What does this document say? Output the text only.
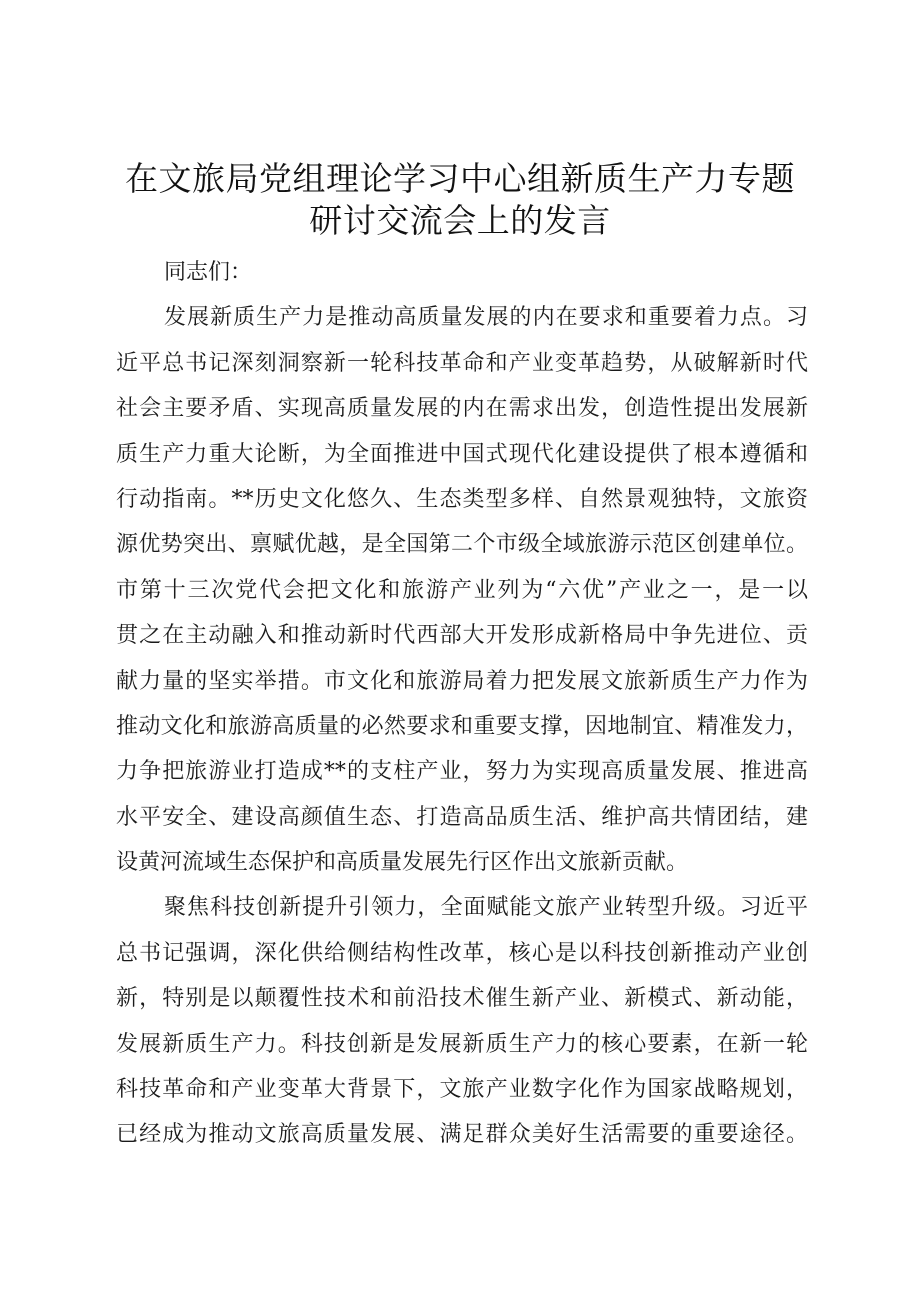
在文旅局党组理论学习中心组新质生产力专题
研讨交流会上的发言
同志们：
发展新质生产力是推动高质量发展的内在要求和重要着力点。习
近平总书记深刻洞察新一轮科技革命和产业变革趋势，从破解新时代
社会主要矛盾、实现高质量发展的内在需求出发，创造性提出发展新
质生产力重大论断，为全面推进中国式现代化建设提供了根本遵循和
行动指南。**历史文化悠久、生态类型多样、自然景观独特，文旅资
源优势突出、禀赋优越，是全国第二个市级全域旅游示范区创建单位。
市第十三次党代会把文化和旅游产业列为“六优”产业之一，是一以
贯之在主动融入和推动新时代西部大开发形成新格局中争先进位、贡
献力量的坚实举措。市文化和旅游局着力把发展文旅新质生产力作为
推动文化和旅游高质量的必然要求和重要支撑，因地制宜、精准发力，
力争把旅游业打造成**的支柱产业，努力为实现高质量发展、推进高
水平安全、建设高颜值生态、打造高品质生活、维护高共情团结，建
设黄河流域生态保护和高质量发展先行区作出文旅新贡献。
聚焦科技创新提升引领力，全面赋能文旅产业转型升级。习近平
总书记强调，深化供给侧结构性改革，核心是以科技创新推动产业创
新，特别是以颠覆性技术和前沿技术催生新产业、新模式、新动能，
发展新质生产力。科技创新是发展新质生产力的核心要素，在新一轮
科技革命和产业变革大背景下，文旅产业数字化作为国家战略规划，
已经成为推动文旅高质量发展、满足群众美好生活需要的重要途径。
